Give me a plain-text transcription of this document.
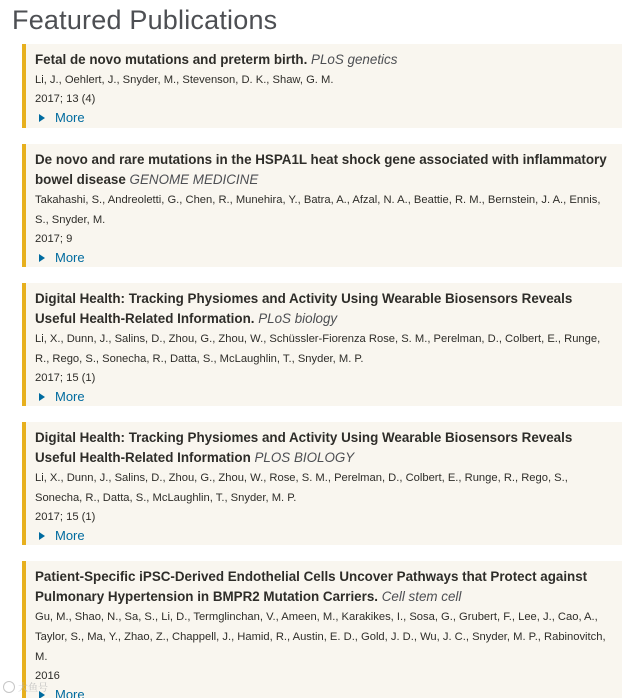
Featured Publications
Fetal de novo mutations and preterm birth. PLoS genetics
Li, J., Oehlert, J., Snyder, M., Stevenson, D. K., Shaw, G. M.
2017; 13 (4)
More
De novo and rare mutations in the HSPA1L heat shock gene associated with inflammatory bowel disease GENOME MEDICINE
Takahashi, S., Andreoletti, G., Chen, R., Munehira, Y., Batra, A., Afzal, N. A., Beattie, R. M., Bernstein, J. A., Ennis, S., Snyder, M.
2017; 9
More
Digital Health: Tracking Physiomes and Activity Using Wearable Biosensors Reveals Useful Health-Related Information. PLoS biology
Li, X., Dunn, J., Salins, D., Zhou, G., Zhou, W., Schüssler-Fiorenza Rose, S. M., Perelman, D., Colbert, E., Runge, R., Rego, S., Sonecha, R., Datta, S., McLaughlin, T., Snyder, M. P.
2017; 15 (1)
More
Digital Health: Tracking Physiomes and Activity Using Wearable Biosensors Reveals Useful Health-Related Information PLOS BIOLOGY
Li, X., Dunn, J., Salins, D., Zhou, G., Zhou, W., Rose, S. M., Perelman, D., Colbert, E., Runge, R., Rego, S., Sonecha, R., Datta, S., McLaughlin, T., Snyder, M. P.
2017; 15 (1)
More
Patient-Specific iPSC-Derived Endothelial Cells Uncover Pathways that Protect against Pulmonary Hypertension in BMPR2 Mutation Carriers. Cell stem cell
Gu, M., Shao, N., Sa, S., Li, D., Termglinchan, V., Ameen, M., Karakikes, I., Sosa, G., Grubert, F., Lee, J., Cao, A., Taylor, S., Ma, Y., Zhao, Z., Chappell, J., Hamid, R., Austin, E. D., Gold, J. D., Wu, J. C., Snyder, M. P., Rabinovitch, M.
2016
More
大鱼号
